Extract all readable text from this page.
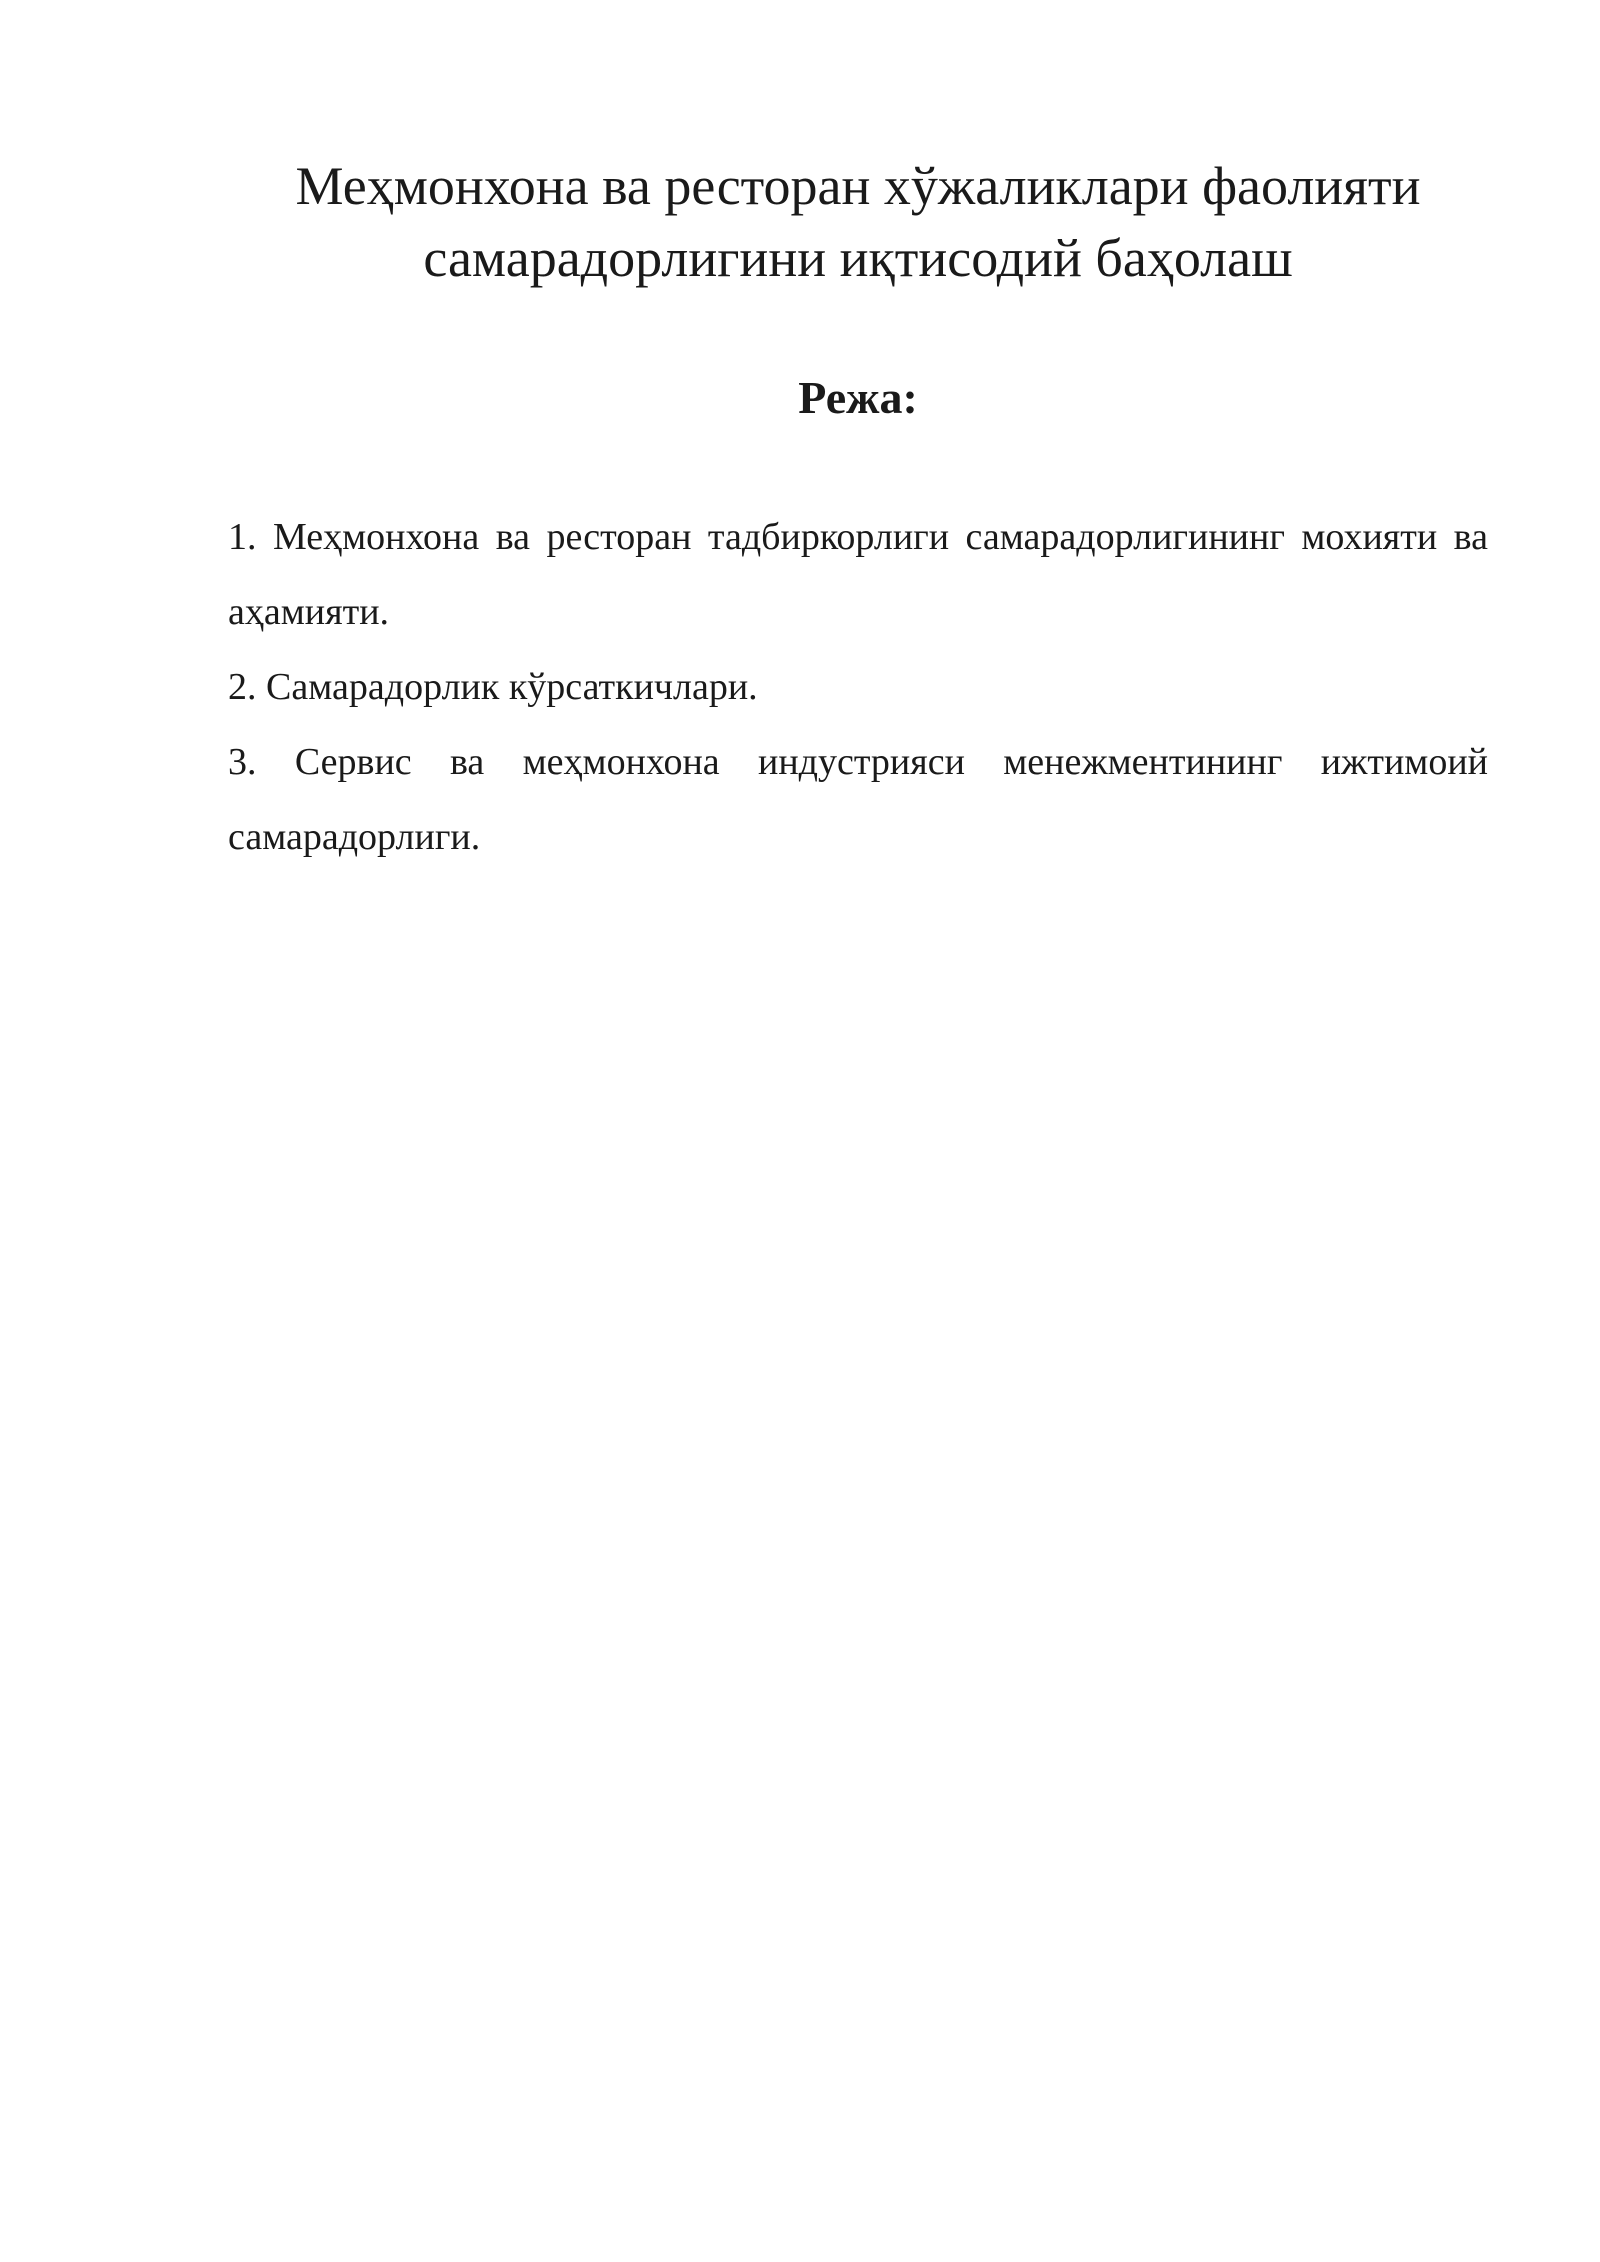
Меҳмонхона ва ресторан хўжаликлари фаолияти самарадорлигини иқтисодий баҳолаш
Режа:
1. Меҳмонхона ва ресторан тадбиркорлиги самарадорлигининг мохияти ва аҳамияти.
2. Самарадорлик кўрсаткичлари.
3. Сервис ва меҳмонхона индустрияси менежментининг ижтимоий самарадорлиги.
